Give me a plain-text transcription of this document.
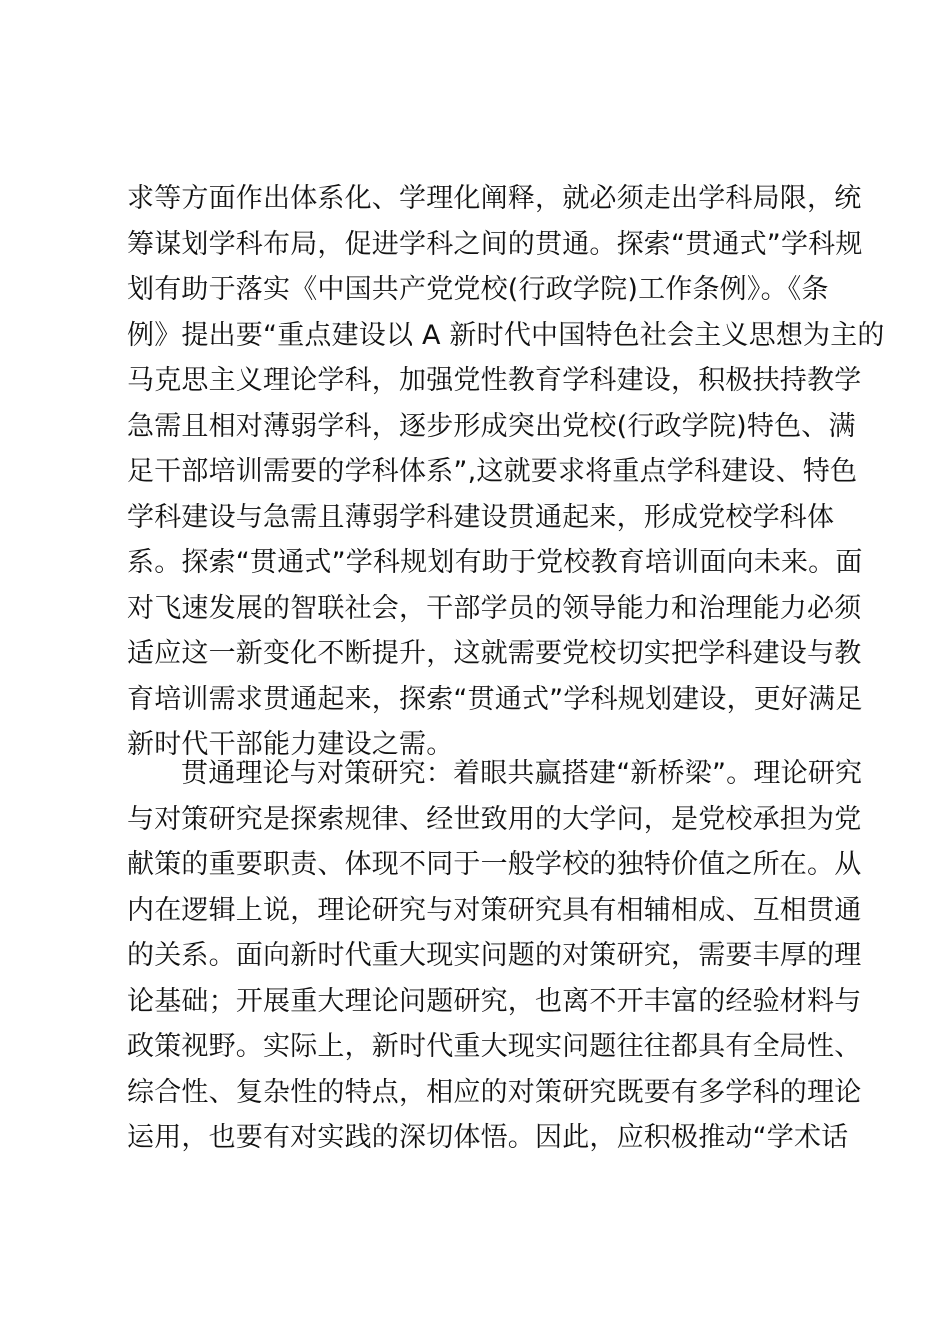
求等方面作出体系化、学理化阐释，就必须走出学科局限，统
筹谋划学科布局，促进学科之间的贯通。探索“贯通式”学科规
划有助于落实《中国共产党党校(行政学院)工作条例》。《条
例》提出要“重点建设以 A 新时代中国特色社会主义思想为主的
马克思主义理论学科，加强党性教育学科建设，积极扶持教学
急需且相对薄弱学科，逐步形成突出党校(行政学院)特色、满
足干部培训需要的学科体系”,这就要求将重点学科建设、特色
学科建设与急需且薄弱学科建设贯通起来，形成党校学科体
系。探索“贯通式”学科规划有助于党校教育培训面向未来。面
对飞速发展的智联社会，干部学员的领导能力和治理能力必须
适应这一新变化不断提升，这就需要党校切实把学科建设与教
育培训需求贯通起来，探索“贯通式”学科规划建设，更好满足
新时代干部能力建设之需。
贯通理论与对策研究：着眼共赢搭建“新桥梁”。理论研究
与对策研究是探索规律、经世致用的大学问，是党校承担为党
献策的重要职责、体现不同于一般学校的独特价值之所在。从
内在逻辑上说，理论研究与对策研究具有相辅相成、互相贯通
的关系。面向新时代重大现实问题的对策研究，需要丰厚的理
论基础；开展重大理论问题研究，也离不开丰富的经验材料与
政策视野。实际上，新时代重大现实问题往往都具有全局性、
综合性、复杂性的特点，相应的对策研究既要有多学科的理论
运用，也要有对实践的深切体悟。因此，应积极推动“学术话
